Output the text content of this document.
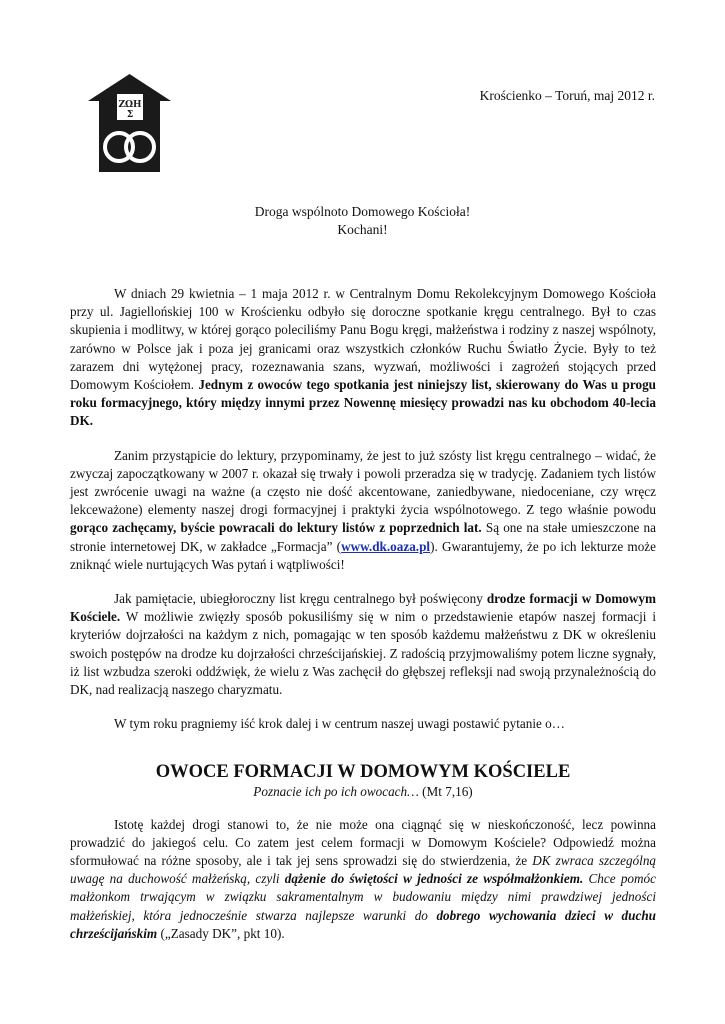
ΖΩΗ
Σ
Krościenko – Toruń, maj 2012 r.
Droga wspólnoto Domowego Kościoła!
Kochani!

W dniach 29 kwietnia – 1 maja 2012 r. w Centralnym Domu Rekolekcyjnym Domowego Kościoła przy ul. Jagiellońskiej 100 w Krościenku odbyło się doroczne spotkanie kręgu centralnego. Był to czas skupienia i modlitwy, w której gorąco poleciliśmy Panu Bogu kręgi, małżeństwa i rodziny z naszej wspólnoty, zarówno w Polsce jak i poza jej granicami oraz wszystkich członków Ruchu Światło Życie. Były to też zarazem dni wytężonej pracy, rozeznawania szans, wyzwań, możliwości i zagrożeń stojących przed Domowym Kościołem. Jednym z owoców tego spotkania jest niniejszy list, skierowany do Was u progu roku formacyjnego, który między innymi przez Nowennę miesięcy prowadzi nas ku obchodom 40-lecia DK.

Zanim przystąpicie do lektury, przypominamy, że jest to już szósty list kręgu centralnego – widać, że zwyczaj zapoczątkowany w 2007 r. okazał się trwały i powoli przeradza się w tradycję. Zadaniem tych listów jest zwrócenie uwagi na ważne (a często nie dość akcentowane, zaniedbywane, niedoceniane, czy wręcz lekceważone) elementy naszej drogi formacyjnej i praktyki życia wspólnotowego. Z tego właśnie powodu gorąco zachęcamy, byście powracali do lektury listów z poprzednich lat. Są one na stałe umieszczone na stronie internetowej DK, w zakładce „Formacja” (www.dk.oaza.pl). Gwarantujemy, że po ich lekturze może zniknąć wiele nurtujących Was pytań i wątpliwości!

Jak pamiętacie, ubiegłoroczny list kręgu centralnego był poświęcony drodze formacji w Domowym Kościele. W możliwie zwięzły sposób pokusiliśmy się w nim o przedstawienie etapów naszej formacji i kryteriów dojrzałości na każdym z nich, pomagając w ten sposób każdemu małżeństwu z DK w określeniu swoich postępów na drodze ku dojrzałości chrześcijańskiej. Z radością przyjmowaliśmy potem liczne sygnały, iż list wzbudza szeroki oddźwięk, że wielu z Was zachęcił do głębszej refleksji nad swoją przynależnością do DK, nad realizacją naszego charyzmatu.

W tym roku pragniemy iść krok dalej i w centrum naszej uwagi postawić pytanie o…

OWOCE FORMACJI W DOMOWYM KOŚCIELE
Poznacie ich po ich owocach… (Mt 7,16)

Istotę każdej drogi stanowi to, że nie może ona ciągnąć się w nieskończoność, lecz powinna prowadzić do jakiegoś celu. Co zatem jest celem formacji w Domowym Kościele? Odpowiedź można sformułować na różne sposoby, ale i tak jej sens sprowadzi się do stwierdzenia, że DK zwraca szczególną uwagę na duchowość małżeńską, czyli dążenie do świętości w jedności ze współmałżonkiem. Chce pomóc małżonkom trwającym w związku sakramentalnym w budowaniu między nimi prawdziwej jedności małżeńskiej, która jednocześnie stwarza najlepsze warunki do dobrego wychowania dzieci w duchu chrześcijańskim („Zasady DK”, pkt 10).
